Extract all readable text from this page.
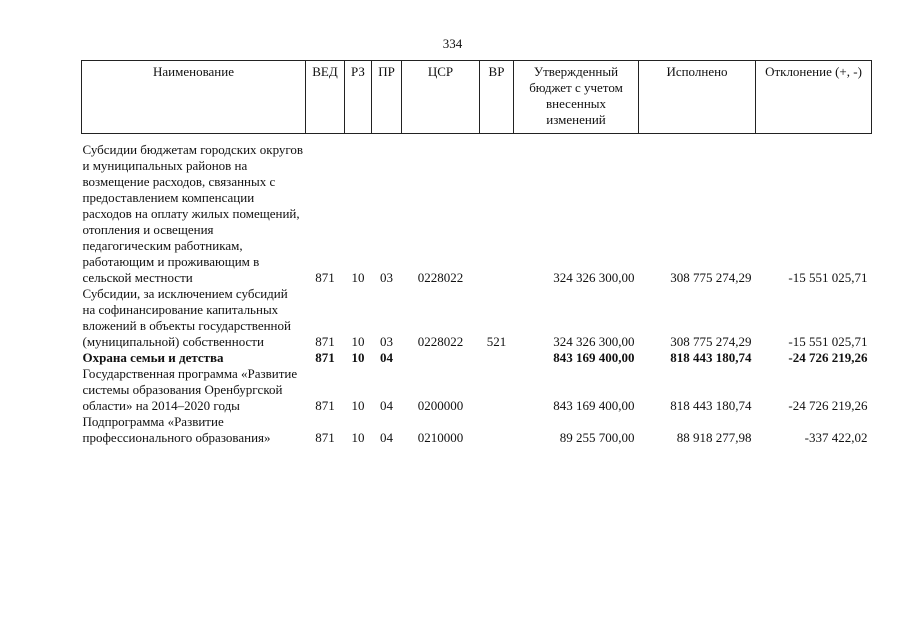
334
Наименование	ВЕД	РЗ	ПР	ЦСР	ВР	Утвержденный бюджет с учетом внесенных изменений	Исполнено	Отклонение (+, -)
Субсидии бюджетам городских округов и муниципальных районов на возмещение расходов, связанных с предоставлением компенсации расходов на оплату жилых помещений, отопления и освещения педагогическим работникам, работающим и проживающим в сельской местности	871	10	03	0228022		324 326 300,00	308 775 274,29	-15 551 025,71
Субсидии, за исключением субсидий на софинансирование капитальных вложений в объекты государственной (муниципальной) собственности	871	10	03	0228022	521	324 326 300,00	308 775 274,29	-15 551 025,71
Охрана семьи и детства	871	10	04			843 169 400,00	818 443 180,74	-24 726 219,26
Государственная программа «Развитие системы образования Оренбургской области» на 2014–2020 годы	871	10	04	0200000		843 169 400,00	818 443 180,74	-24 726 219,26
Подпрограмма «Развитие профессионального образования»	871	10	04	0210000		89 255 700,00	88 918 277,98	-337 422,02
